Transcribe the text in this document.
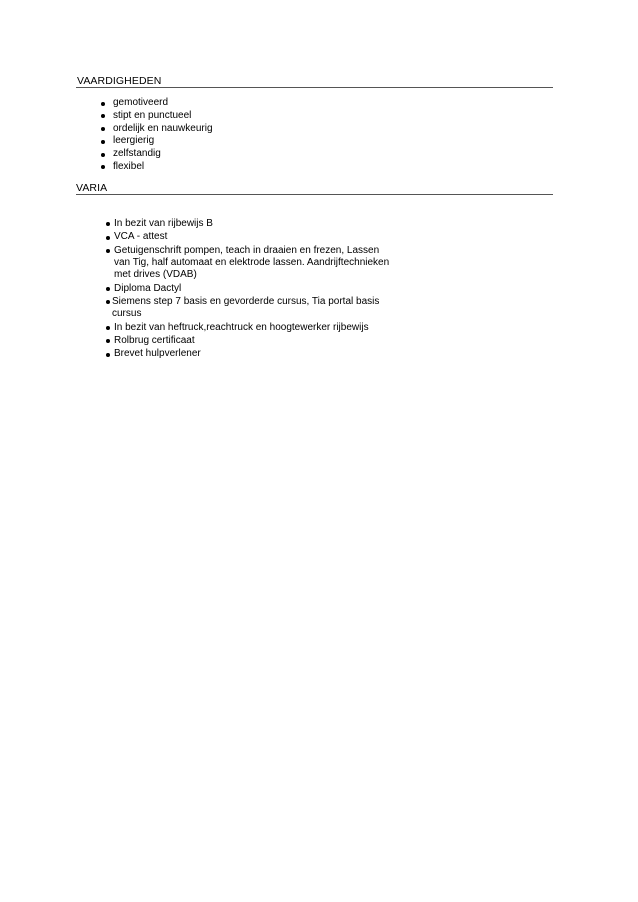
VAARDIGHEDEN
gemotiveerd
stipt en punctueel
ordelijk en nauwkeurig
leergierig
zelfstandig
flexibel
VARIA
In bezit van rijbewijs B
VCA - attest
Getuigenschrift pompen, teach in draaien en frezen, Lassen van Tig, half automaat en elektrode lassen. Aandrijftechnieken met drives (VDAB)
Diploma Dactyl
Siemens step 7 basis en gevorderde cursus, Tia portal basis cursus
In bezit van heftruck,reachtruck en hoogtewerker rijbewijs
Rolbrug certificaat
Brevet hulpverlener
